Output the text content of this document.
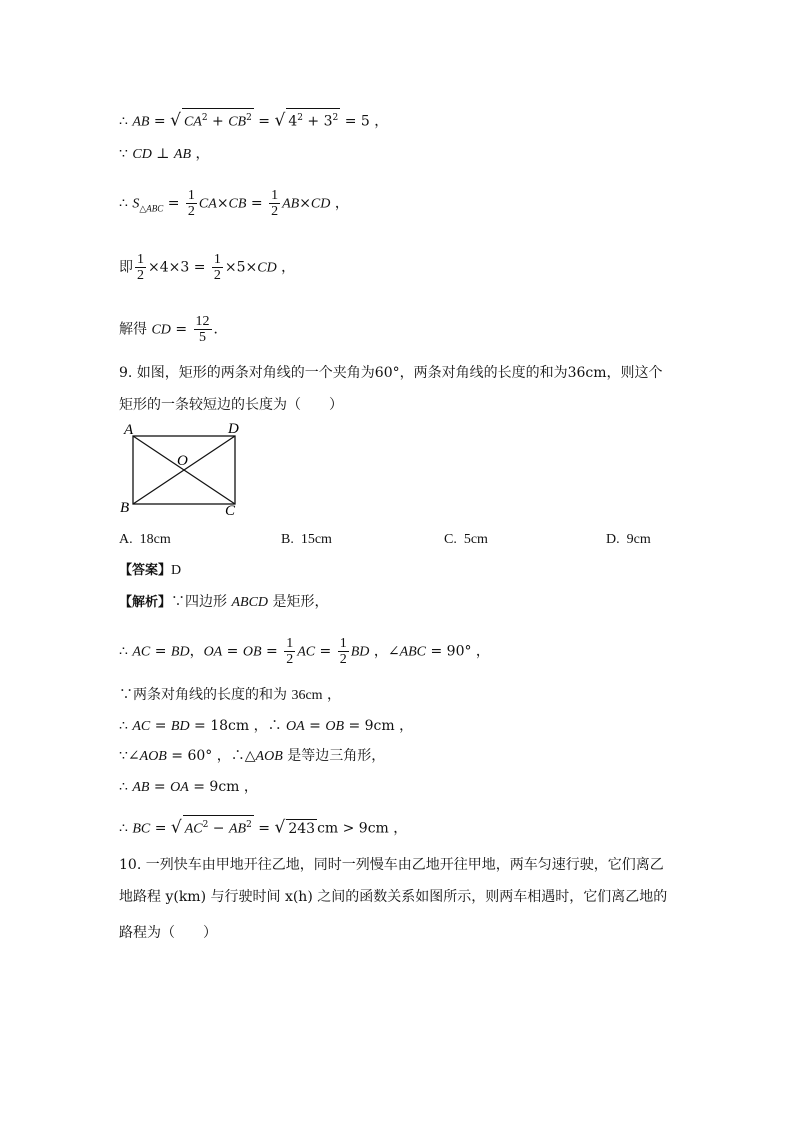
∴ AB = √ $CA^2 + CB^2$ = √ $4^2 + 3^2 = 5$ ，
∵ CD ⊥ AB ，
∴ $S_{\triangle ABC} = \frac{1}{2} CA\times CB = \frac{1}{2} AB\times CD$ ，
即 $\frac{1}{2} \times 4\times 3 = \frac{1}{2} \times 5\times CD$ ，
解得 CD = $\frac{12}{5}$ ．
9. 如图，矩形的两条对角线的一个夹角为60°，两条对角线的长度的和为36cm，则这个
矩形的一条较短边的长度为（　　）
A	D
O
B	C
A. 18cm	B. 15cm	C. 5cm	D. 9cm
【答案】D
【解析】∵四边形 ABCD 是矩形，
∴ AC = BD，OA = OB = $\frac{1}{2}$ AC = $\frac{1}{2}$ BD ，∠ABC = 90° ，
∵两条对角线的长度的和为 36cm ，
∴ AC = BD = 18cm ，∴ OA = OB = 9cm ，
∵∠AOB = 60° ，∴△AOB 是等边三角形，
∴ AB = OA = 9cm ，
∴ BC = √ $AC^2 - AB^2$ = √ 243 cm > 9cm ，
10. 一列快车由甲地开往乙地，同时一列慢车由乙地开往甲地，两车匀速行驶，它们离乙
地路程 y(km) 与行驶时间 x(h) 之间的函数关系如图所示，则两车相遇时，它们离乙地的
路程为（　　）
